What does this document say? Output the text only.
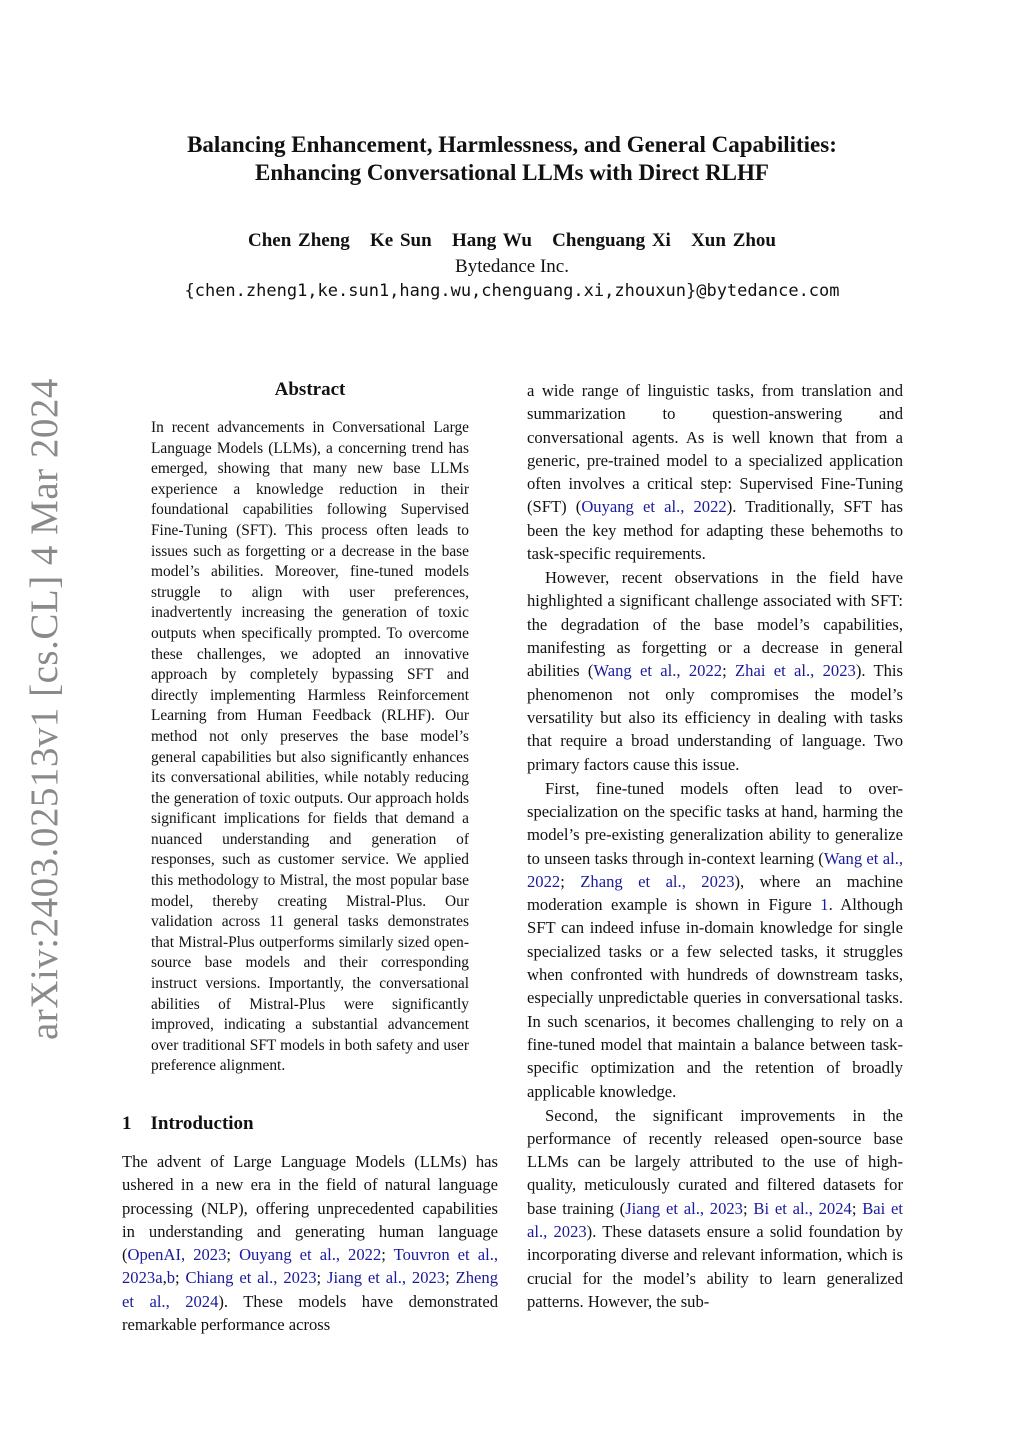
arXiv:2403.02513v1 [cs.CL] 4 Mar 2024
Balancing Enhancement, Harmlessness, and General Capabilities:
Enhancing Conversational LLMs with Direct RLHF
Chen Zheng   Ke Sun   Hang Wu   Chenguang Xi   Xun Zhou
Bytedance Inc.
{chen.zheng1,ke.sun1,hang.wu,chenguang.xi,zhouxun}@bytedance.com
Abstract

In recent advancements in Conversational Large Language Models (LLMs), a concerning trend has emerged, showing that many new base LLMs experience a knowledge reduction in their foundational capabilities following Supervised Fine-Tuning (SFT). This process often leads to issues such as forgetting or a decrease in the base model’s abilities. Moreover, fine-tuned models struggle to align with user preferences, inadvertently increasing the generation of toxic outputs when specifically prompted. To overcome these challenges, we adopted an innovative approach by completely bypassing SFT and directly implementing Harmless Reinforcement Learning from Human Feedback (RLHF). Our method not only preserves the base model’s general capabilities but also significantly enhances its conversational abilities, while notably reducing the generation of toxic outputs. Our approach holds significant implications for fields that demand a nuanced understanding and generation of responses, such as customer service. We applied this methodology to Mistral, the most popular base model, thereby creating Mistral-Plus. Our validation across 11 general tasks demonstrates that Mistral-Plus outperforms similarly sized open-source base models and their corresponding instruct versions. Importantly, the conversational abilities of Mistral-Plus were significantly improved, indicating a substantial advancement over traditional SFT models in both safety and user preference alignment.

1 Introduction

The advent of Large Language Models (LLMs) has ushered in a new era in the field of natural language processing (NLP), offering unprecedented capabilities in understanding and generating human language (OpenAI, 2023; Ouyang et al., 2022; Touvron et al., 2023a,b; Chiang et al., 2023; Jiang et al., 2023; Zheng et al., 2024). These models have demonstrated remarkable performance across

a wide range of linguistic tasks, from translation and summarization to question-answering and conversational agents. As is well known that from a generic, pre-trained model to a specialized application often involves a critical step: Supervised Fine-Tuning (SFT) (Ouyang et al., 2022). Traditionally, SFT has been the key method for adapting these behemoths to task-specific requirements.

However, recent observations in the field have highlighted a significant challenge associated with SFT: the degradation of the base model’s capabilities, manifesting as forgetting or a decrease in general abilities (Wang et al., 2022; Zhai et al., 2023). This phenomenon not only compromises the model’s versatility but also its efficiency in dealing with tasks that require a broad understanding of language. Two primary factors cause this issue.

First, fine-tuned models often lead to over-specialization on the specific tasks at hand, harming the model’s pre-existing generalization ability to generalize to unseen tasks through in-context learning (Wang et al., 2022; Zhang et al., 2023), where an machine moderation example is shown in Figure 1. Although SFT can indeed infuse in-domain knowledge for single specialized tasks or a few selected tasks, it struggles when confronted with hundreds of downstream tasks, especially unpredictable queries in conversational tasks. In such scenarios, it becomes challenging to rely on a fine-tuned model that maintain a balance between task-specific optimization and the retention of broadly applicable knowledge.

Second, the significant improvements in the performance of recently released open-source base LLMs can be largely attributed to the use of high-quality, meticulously curated and filtered datasets for base training (Jiang et al., 2023; Bi et al., 2024; Bai et al., 2023). These datasets ensure a solid foundation by incorporating diverse and relevant information, which is crucial for the model’s ability to learn generalized patterns. However, the sub-
